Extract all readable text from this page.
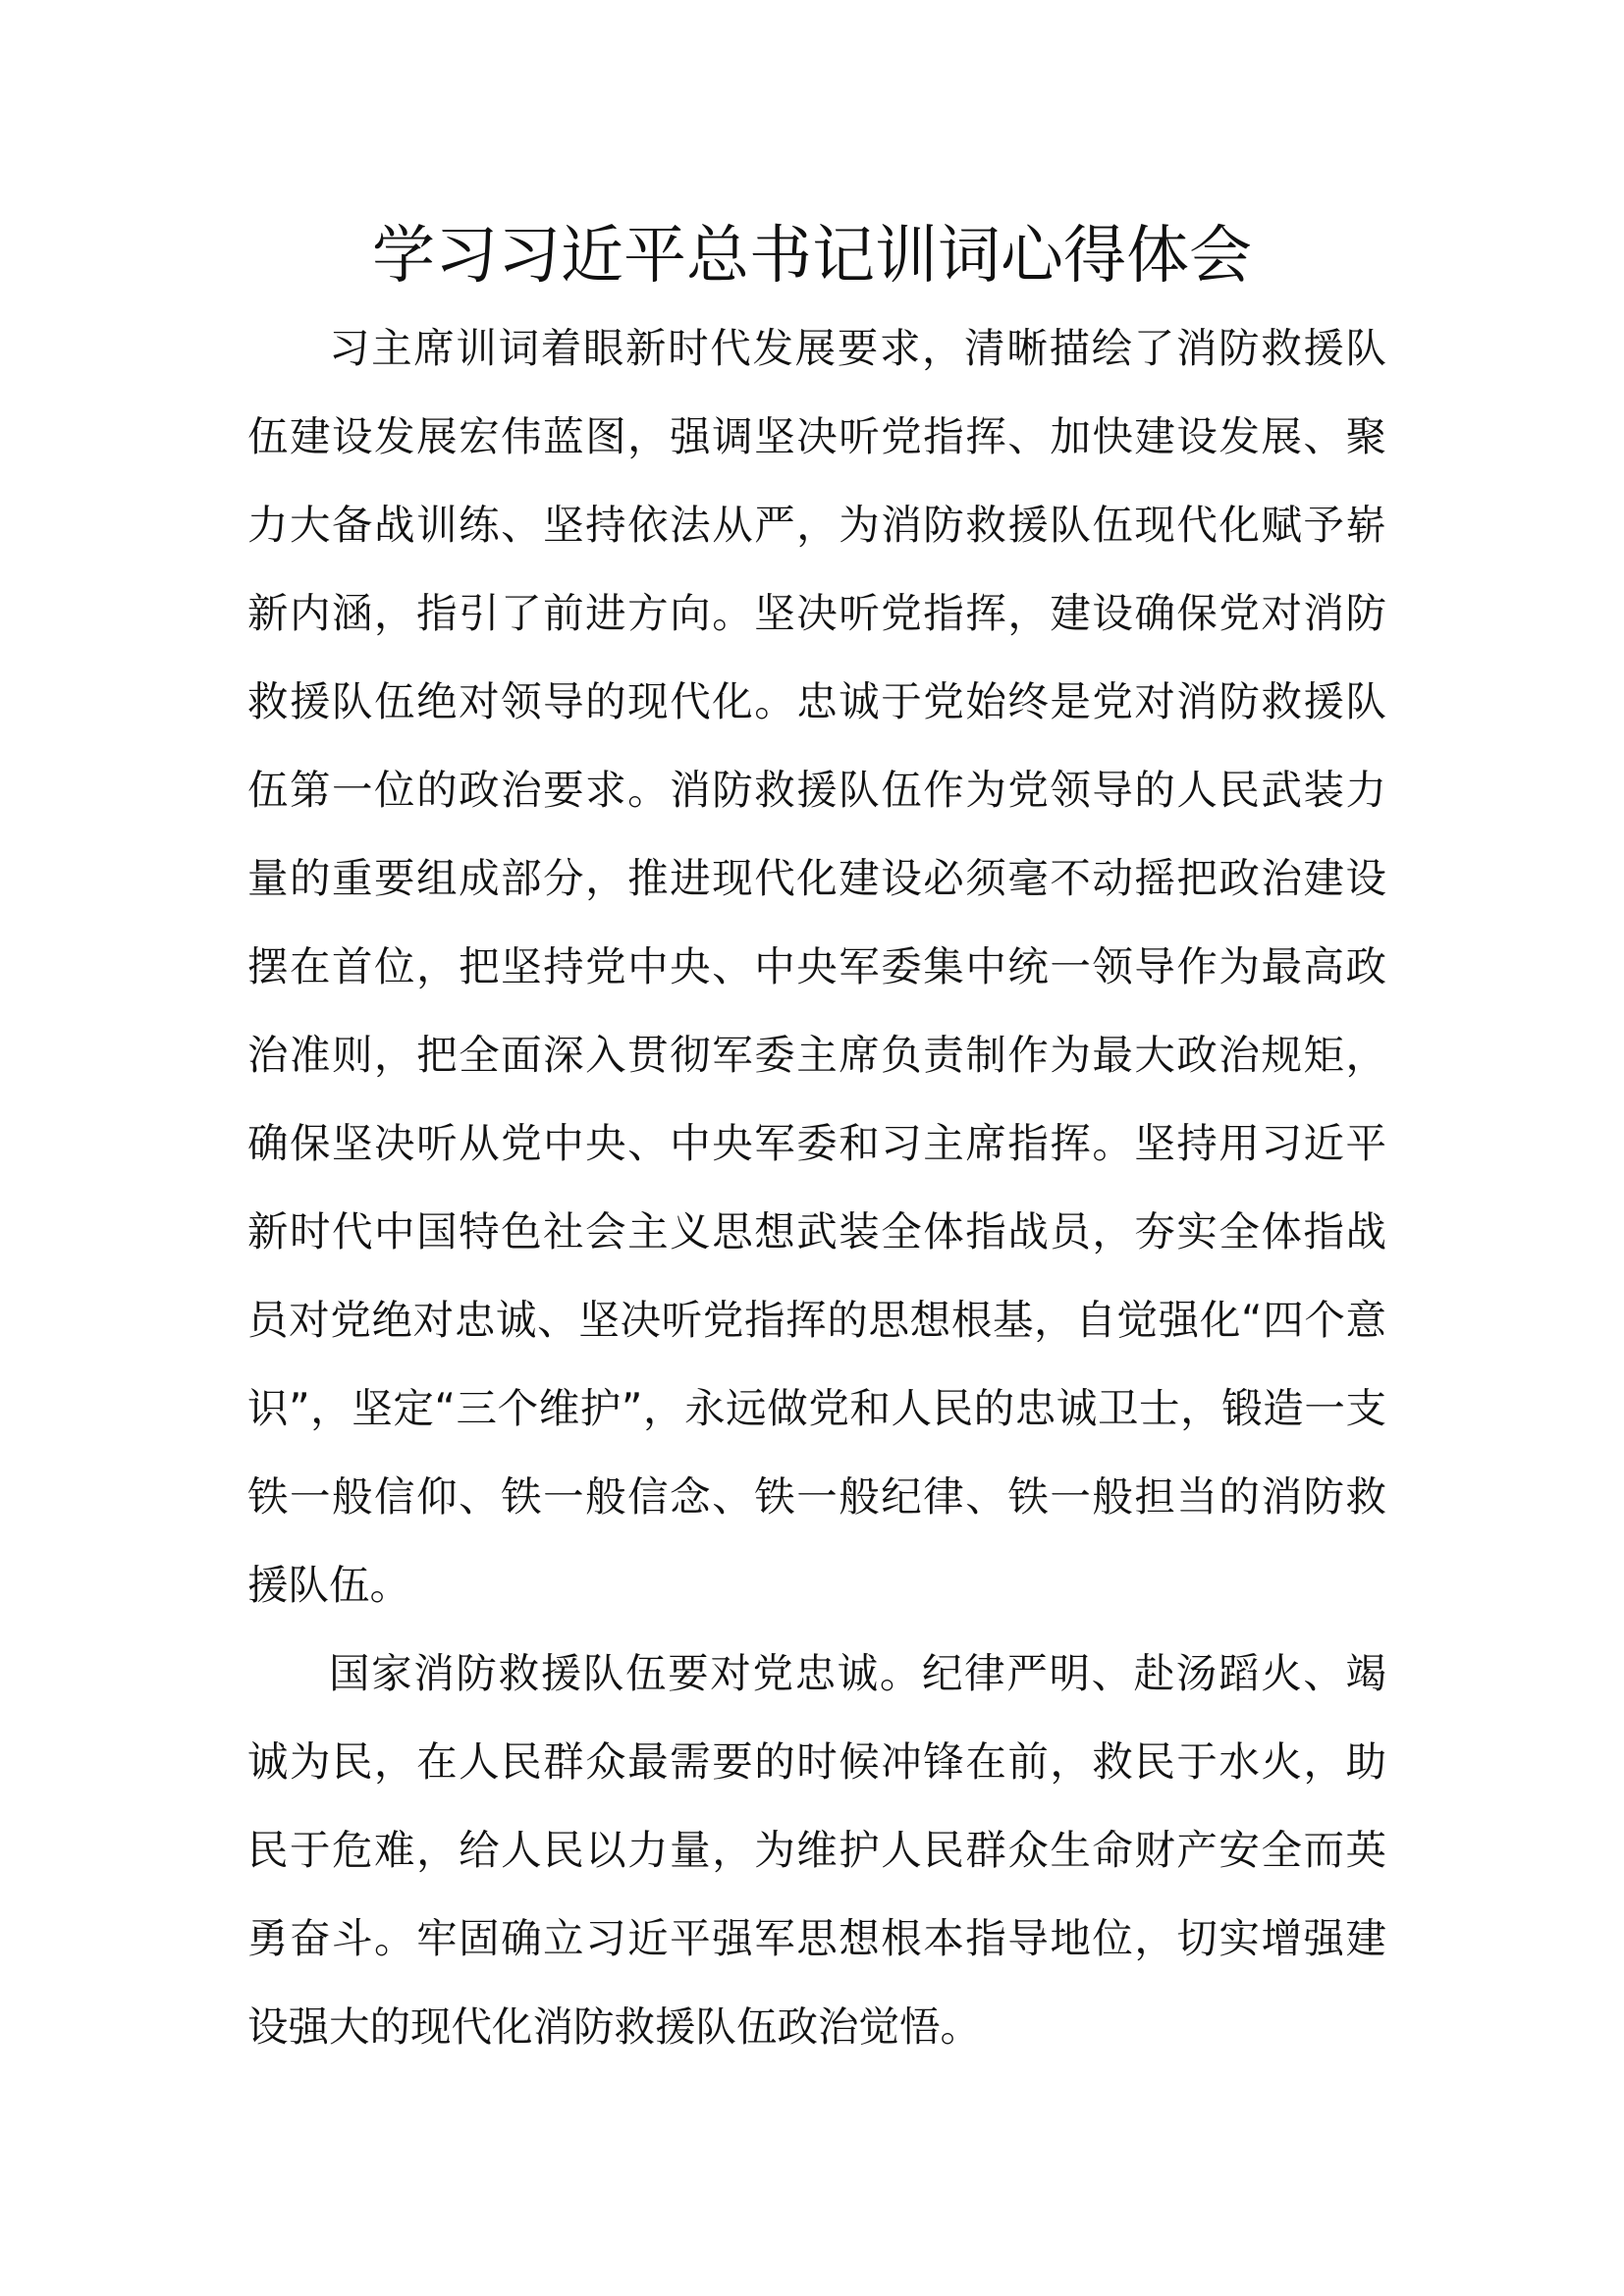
学习习近平总书记训词心得体会

习主席训词着眼新时代发展要求，清晰描绘了消防救援队伍建设发展宏伟蓝图，强调坚决听党指挥、加快建设发展、聚力大备战训练、坚持依法从严，为消防救援队伍现代化赋予崭新内涵，指引了前进方向。坚决听党指挥，建设确保党对消防救援队伍绝对领导的现代化。忠诚于党始终是党对消防救援队伍第一位的政治要求。消防救援队伍作为党领导的人民武装力量的重要组成部分，推进现代化建设必须毫不动摇把政治建设摆在首位，把坚持党中央、中央军委集中统一领导作为最高政治准则，把全面深入贯彻军委主席负责制作为最大政治规矩，确保坚决听从党中央、中央军委和习主席指挥。坚持用习近平新时代中国特色社会主义思想武装全体指战员，夯实全体指战员对党绝对忠诚、坚决听党指挥的思想根基，自觉强化“四个意识”，坚定“三个维护”，永远做党和人民的忠诚卫士，锻造一支铁一般信仰、铁一般信念、铁一般纪律、铁一般担当的消防救援队伍。

国家消防救援队伍要对党忠诚。纪律严明、赴汤蹈火、竭诚为民，在人民群众最需要的时候冲锋在前，救民于水火，助民于危难，给人民以力量，为维护人民群众生命财产安全而英勇奋斗。牢固确立习近平强军思想根本指导地位，切实增强建设强大的现代化消防救援队伍政治觉悟。
